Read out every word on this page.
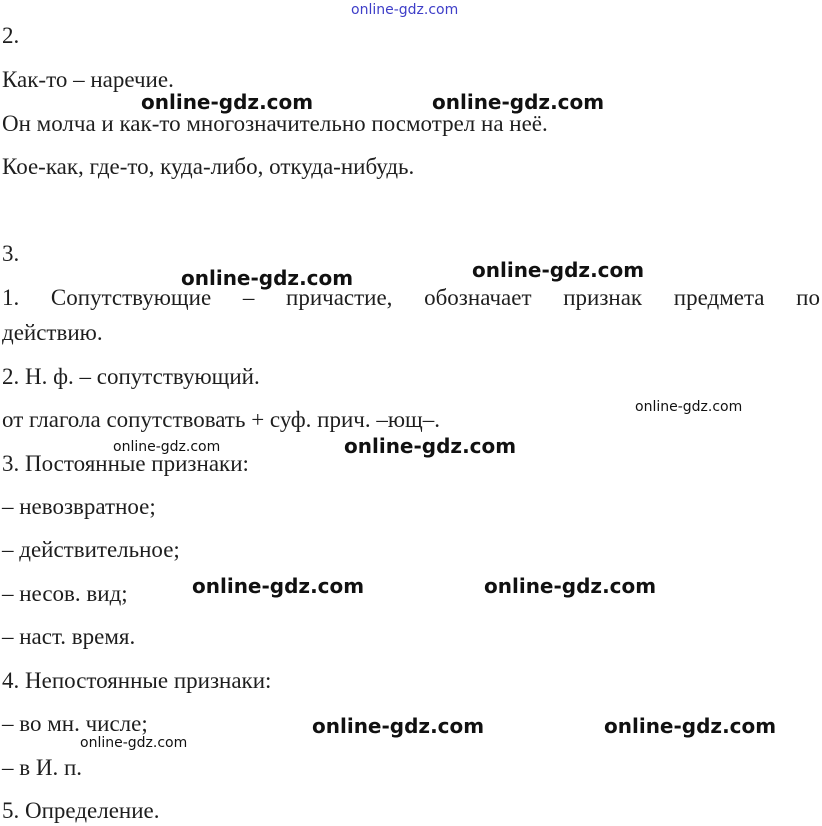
2.

Как-то – наречие.

Он молча и как-то многозначительно посмотрел на неё.

Кое-как, где-то, куда-либо, откуда-нибудь.

3.

1. Сопутствующие – причастие, обозначает признак предмета по

действию.

2. Н. ф. – сопутствующий.

от глагола сопутствовать + суф. прич. –ющ–.

3. Постоянные признаки:

– невозвратное;

– действительное;

– несов. вид;

– наст. время.

4. Непостоянные признаки:

– во мн. числе;

– в И. п.

5. Определение.

online-gdz.com
online-gdz.com	online-gdz.com
online-gdz.com
online-gdz.com
online-gdz.com
online-gdz.com	online-gdz.com
online-gdz.com	online-gdz.com
online-gdz.com	online-gdz.com
online-gdz.com
